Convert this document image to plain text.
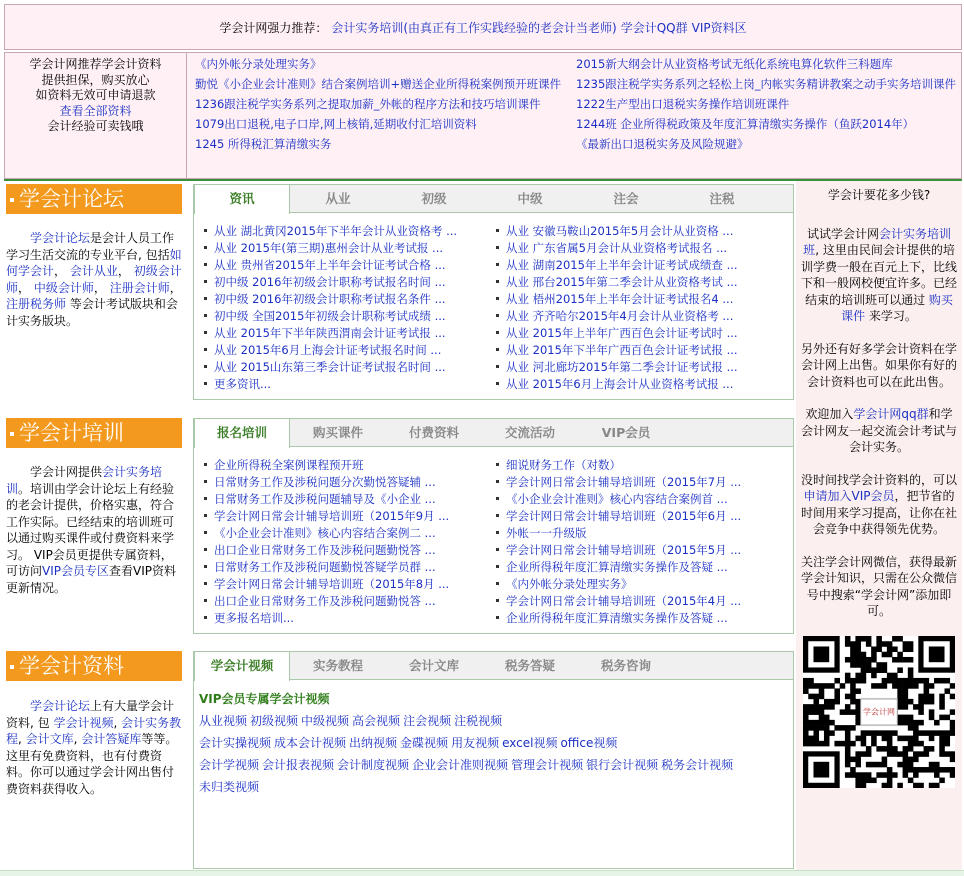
学会计网强力推荐： 会计实务培训(由真正有工作实践经验的老会计当老师) 学会计QQ群 VIP资料区
学会计网推荐学会计资料
提供担保，购买放心
如资料无效可申请退款
查看全部资料
会计经验可卖钱哦
《内外帐分录处理实务》
勤悦《小企业会计准则》结合案例培训+赠送企业所得税案例预开班课件
1236跟注税学实务系列之提取加薪_外帐的程序方法和技巧培训课件
1079出口退税,电子口岸,网上核销,延期收付汇培训资料
1245 所得税汇算清缴实务
2015新大纲会计从业资格考试无纸化系统电算化软件三科题库
1235跟注税学实务系列之轻松上岗_内帐实务精讲教案之动手实务培训课件
1222生产型出口退税实务操作培训班课件
1244班 企业所得税政策及年度汇算清缴实务操作（鱼跃2014年）
《最新出口退税实务及风险规避》
学会计论坛
学会计论坛是会计人员工作学习生活交流的专业平台, 包括如何学会计， 会计从业， 初级会计师， 中级会计师， 注册会计师， 注册税务师 等会计考试版块和会计实务版块。
资讯	从业	初级	中级	注会	注税
从业 湖北黄冈2015年下半年会计从业资格考 ...
从业 2015年(第三期)惠州会计从业考试报 ...
从业 贵州省2015年上半年会计证考试合格 ...
初中级 2016年初级会计职称考试报名时间 ...
初中级 2016年初级会计职称考试报名条件 ...
初中级 全国2015年初级会计职称考试成绩 ...
从业 2015年下半年陕西渭南会计证考试报 ...
从业 2015年6月上海会计证考试报名时间 ...
从业 2015山东第三季会计证考试报名时间 ...
更多资讯...
从业 安徽马鞍山2015年5月会计从业资格 ...
从业 广东省属5月会计从业资格考试报名 ...
从业 湖南2015年上半年会计证考试成绩查 ...
从业 邢台2015年第二季会计从业资格考试 ...
从业 梧州2015年上半年会计证考试报名4 ...
从业 齐齐哈尔2015年4月会计从业资格考 ...
从业 2015年上半年广西百色会计证考试时 ...
从业 2015年下半年广西百色会计证考试报 ...
从业 河北廊坊2015年第二季会计证考试报 ...
从业 2015年6月上海会计从业资格考试报 ...
学会计培训
学会计网提供会计实务培训。培训由学会计论坛上有经验的老会计提供，价格实惠，符合工作实际。已经结束的培训班可以通过购买课件或付费资料来学习。 VIP会员更提供专属资料，可访问VIP会员专区查看VIP资料更新情况。
报名培训	购买课件	付费资料	交流活动	VIP会员
企业所得税全案例课程预开班
日常财务工作及涉税问题分次勤悦答疑辅 ...
日常财务工作及涉税问题辅导及《小企业 ...
学会计网日常会计辅导培训班（2015年9月 ...
《小企业会计准则》核心内容结合案例二 ...
出口企业日常财务工作及涉税问题勤悦答 ...
日常财务工作及涉税问题勤悦答疑学员群 ...
学会计网日常会计辅导培训班（2015年8月 ...
出口企业日常财务工作及涉税问题勤悦答 ...
更多报名培训...
细说财务工作（对数）
学会计网日常会计辅导培训班（2015年7月 ...
《小企业会计准则》核心内容结合案例首 ...
学会计网日常会计辅导培训班（2015年6月 ...
外帐一一升级版
学会计网日常会计辅导培训班（2015年5月 ...
企业所得税年度汇算清缴实务操作及答疑 ...
《内外帐分录处理实务》
学会计网日常会计辅导培训班（2015年4月 ...
企业所得税年度汇算清缴实务操作及答疑 ...
学会计资料
学会计论坛上有大量学会计资料, 包 学会计视频, 会计实务教程, 会计文库, 会计答疑库等等。这里有免费资料，也有付费资料。你可以通过学会计网出售付费资料获得收入。
学会计视频	实务教程	会计文库	税务答疑	税务咨询
VIP会员专属学会计视频
从业视频 初级视频 中级视频 高会视频 注会视频 注税视频
会计实操视频 成本会计视频 出纳视频 金碟视频 用友视频 excel视频 office视频
会计学视频 会计报表视频 会计制度视频 企业会计准则视频 管理会计视频 银行会计视频 税务会计视频
未归类视频

学会计要花多少钱?

试试学会计网会计实务培训班, 这里由民间会计提供的培训学费一般在百元上下，比线下和一般网校便宜许多。已经结束的培训班可以通过 购买课件 来学习。

另外还有好多学会计资料在学会计网上出售。如果你有好的会计资料也可以在此出售。

欢迎加入学会计网qq群和学会计网友一起交流会计考试与会计实务。

没时间找学会计资料的，可以申请加入VIP会员，把节省的时间用来学习提高，让你在社会竞争中获得领先优势。

关注学会计网微信，获得最新学会计知识，只需在公众微信号中搜索“学会计网”添加即可。

学会计网
